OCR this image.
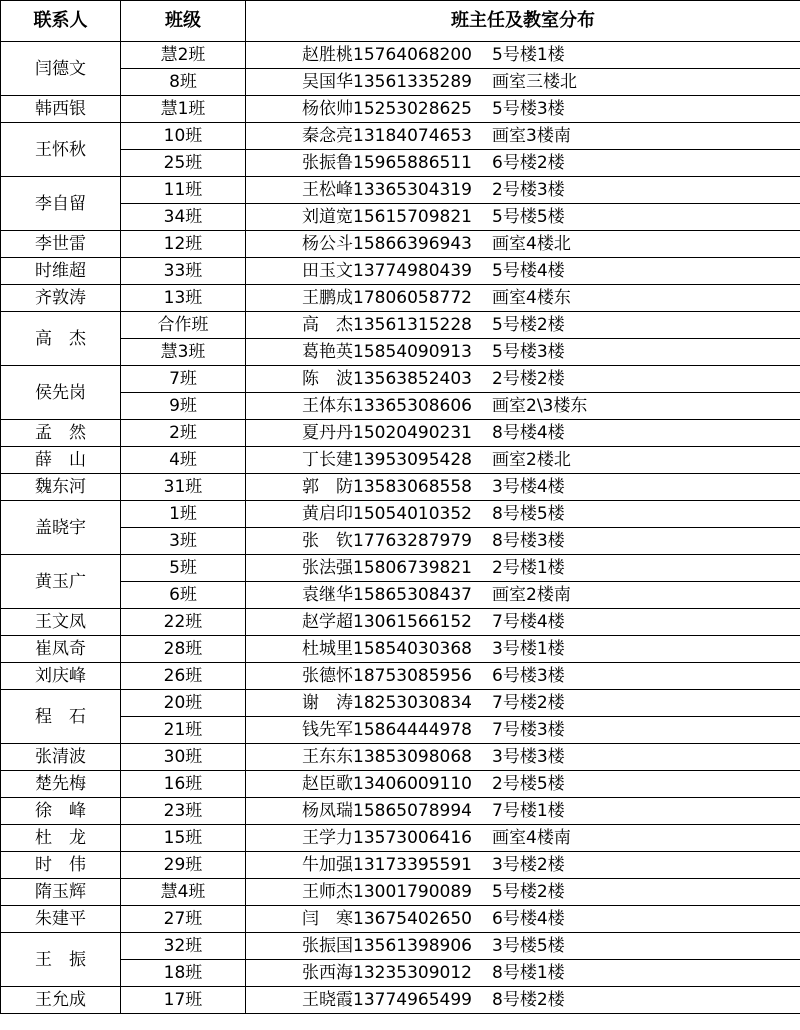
联系人	班级	班主任及教室分布
闫德文	慧2班	赵胜桃15764068200 5号楼1楼
	8班	吴国华13561335289 画室三楼北
韩西银	慧1班	杨依帅15253028625 5号楼3楼
王怀秋	10班	秦念亮13184074653 画室3楼南
	25班	张振鲁15965886511 6号楼2楼
李自留	11班	王松峰13365304319 2号楼3楼
	34班	刘道宽15615709821 5号楼5楼
李世雷	12班	杨公斗15866396943 画室4楼北
时维超	33班	田玉文13774980439 5号楼4楼
齐敦涛	13班	王鹏成17806058772 画室4楼东
高　杰	合作班	高　杰13561315228 5号楼2楼
	慧3班	葛艳英15854090913 5号楼3楼
侯先岗	7班	陈　波13563852403 2号楼2楼
	9班	王体东13365308606 画室2\3楼东
孟　然	2班	夏丹丹15020490231 8号楼4楼
薛　山	4班	丁长建13953095428 画室2楼北
魏东河	31班	郭　防13583068558 3号楼4楼
盖晓宇	1班	黄启印15054010352 8号楼5楼
	3班	张　钦17763287979 8号楼3楼
黄玉广	5班	张法强15806739821 2号楼1楼
	6班	袁继华15865308437 画室2楼南
王文凤	22班	赵学超13061566152 7号楼4楼
崔凤奇	28班	杜城里15854030368 3号楼1楼
刘庆峰	26班	张德怀18753085956 6号楼3楼
程　石	20班	谢　涛18253030834 7号楼2楼
	21班	钱先军15864444978 7号楼3楼
张清波	30班	王东东13853098068 3号楼3楼
楚先梅	16班	赵臣歌13406009110 2号楼5楼
徐　峰	23班	杨凤瑞15865078994 7号楼1楼
杜　龙	15班	王学力13573006416 画室4楼南
时　伟	29班	牛加强13173395591 3号楼2楼
隋玉辉	慧4班	王师杰13001790089 5号楼2楼
朱建平	27班	闫　寒13675402650 6号楼4楼
王　振	32班	张振国13561398906 3号楼5楼
	18班	张西海13235309012 8号楼1楼
王允成	17班	王晓霞13774965499 8号楼2楼
